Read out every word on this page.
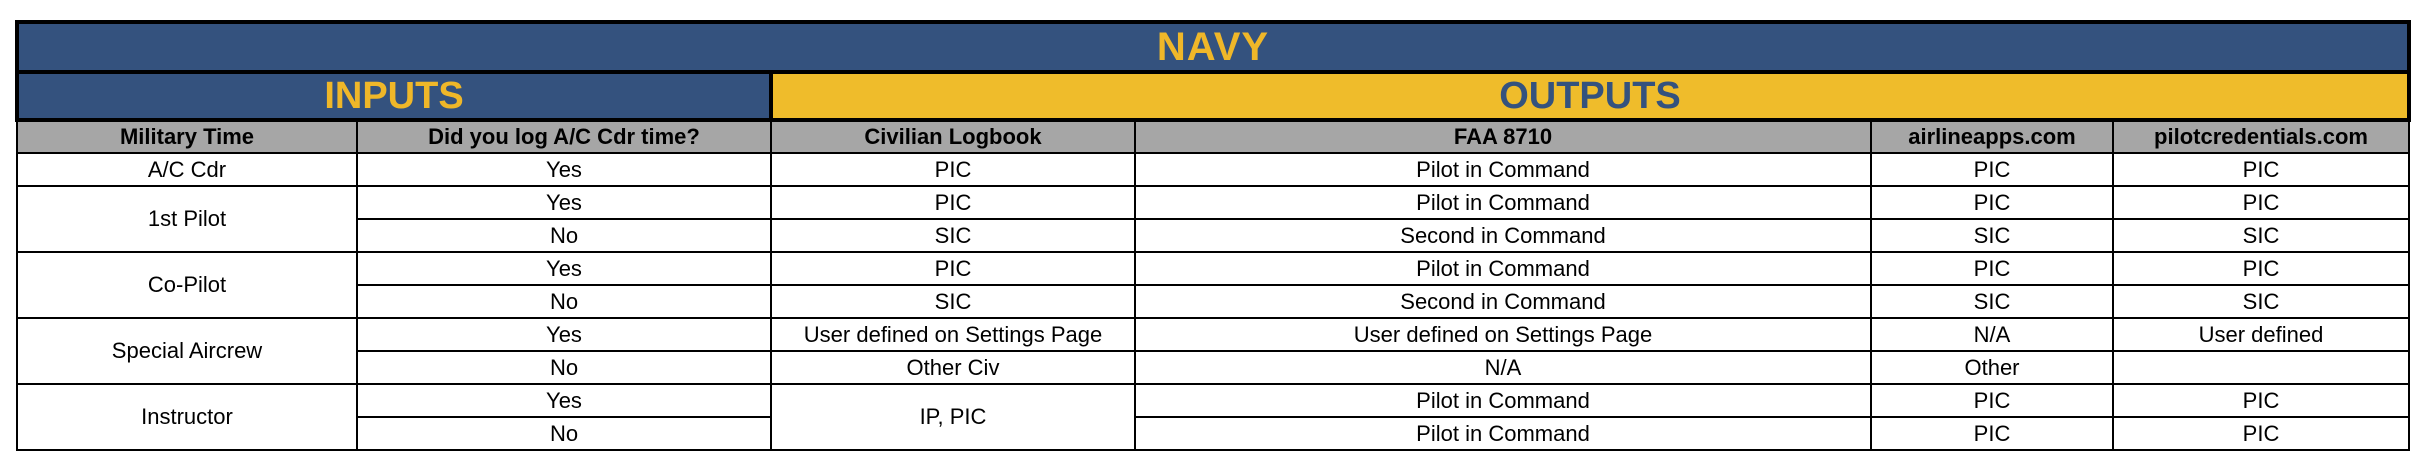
NAVY					
INPUTS		OUTPUTS			
Military Time	Did you log A/C Cdr time?	Civilian Logbook	FAA 8710	airlineapps.com	pilotcredentials.com
A/C Cdr	Yes	PIC	Pilot in Command	PIC	PIC
1st Pilot	Yes	PIC	Pilot in Command	PIC	PIC
	No	SIC	Second in Command	SIC	SIC
Co-Pilot	Yes	PIC	Pilot in Command	PIC	PIC
	No	SIC	Second in Command	SIC	SIC
Special Aircrew	Yes	User defined on Settings Page	User defined on Settings Page	N/A	User defined
	No	Other Civ	N/A	Other	
Instructor	Yes	IP, PIC	Pilot in Command	PIC	PIC
	No		Pilot in Command	PIC	PIC
